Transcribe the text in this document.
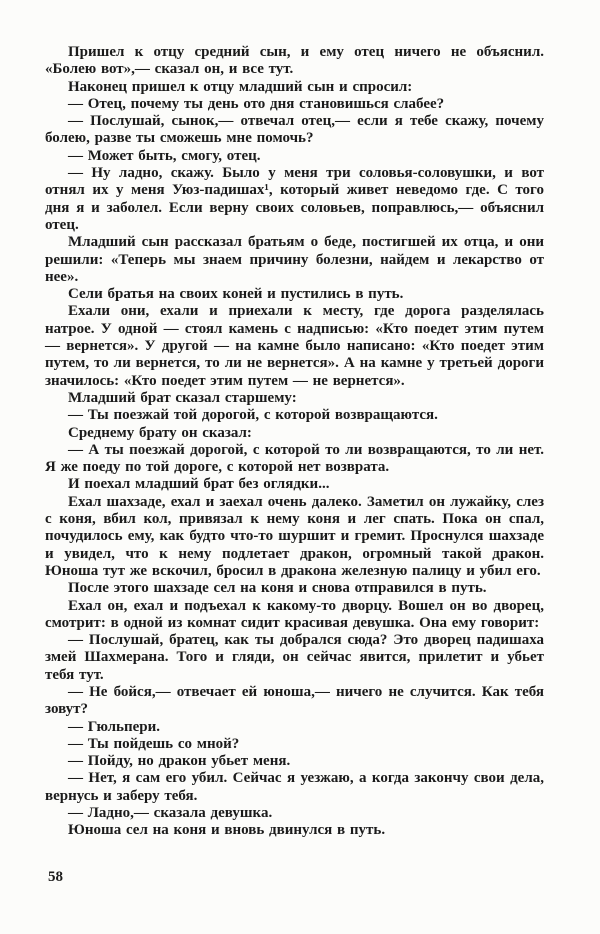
Пришел к отцу средний сын, и ему отец ничего не объяснил. «Болею вот»,— сказал он, и все тут.

Наконец пришел к отцу младший сын и спросил:

— Отец, почему ты день ото дня становишься слабее?

— Послушай, сынок,— отвечал отец,— если я тебе скажу, почему болею, разве ты сможешь мне помочь?

— Может быть, смогу, отец.

— Ну ладно, скажу. Было у меня три соловья-соловушки, и вот отнял их у меня Уюз-падишах¹, который живет неведомо где. С того дня я и заболел. Если верну своих соловьев, поправлюсь,— объяснил отец.

Младший сын рассказал братьям о беде, постигшей их отца, и они решили: «Теперь мы знаем причину болезни, найдем и лекарство от нее».

Сели братья на своих коней и пустились в путь.

Ехали они, ехали и приехали к месту, где дорога разделялась натрое. У одной — стоял камень с надписью: «Кто поедет этим путем — вернется». У другой — на камне было написано: «Кто поедет этим путем, то ли вернется, то ли не вернется». А на камне у третьей дороги значилось: «Кто поедет этим путем — не вернется».

Младший брат сказал старшему:

— Ты поезжай той дорогой, с которой возвращаются.

Среднему брату он сказал:

— А ты поезжай дорогой, с которой то ли возвращаются, то ли нет. Я же поеду по той дороге, с которой нет возврата.

И поехал младший брат без оглядки...

Ехал шахзаде, ехал и заехал очень далеко. Заметил он лужайку, слез с коня, вбил кол, привязал к нему коня и лег спать. Пока он спал, почудилось ему, как будто что-то шуршит и гремит. Проснулся шахзаде и увидел, что к нему подлетает дракон, огромный такой дракон. Юноша тут же вскочил, бросил в дракона железную палицу и убил его.

После этого шахзаде сел на коня и снова отправился в путь.

Ехал он, ехал и подъехал к какому-то дворцу. Вошел он во дворец, смотрит: в одной из комнат сидит красивая девушка. Она ему говорит:

— Послушай, братец, как ты добрался сюда? Это дворец падишаха змей Шахмерана. Того и гляди, он сейчас явится, прилетит и убьет тебя тут.

— Не бойся,— отвечает ей юноша,— ничего не случится. Как тебя зовут?

— Гюльпери.

— Ты пойдешь со мной?

— Пойду, но дракон убьет меня.

— Нет, я сам его убил. Сейчас я уезжаю, а когда закончу свои дела, вернусь и заберу тебя.

— Ладно,— сказала девушка.

Юноша сел на коня и вновь двинулся в путь.

58
